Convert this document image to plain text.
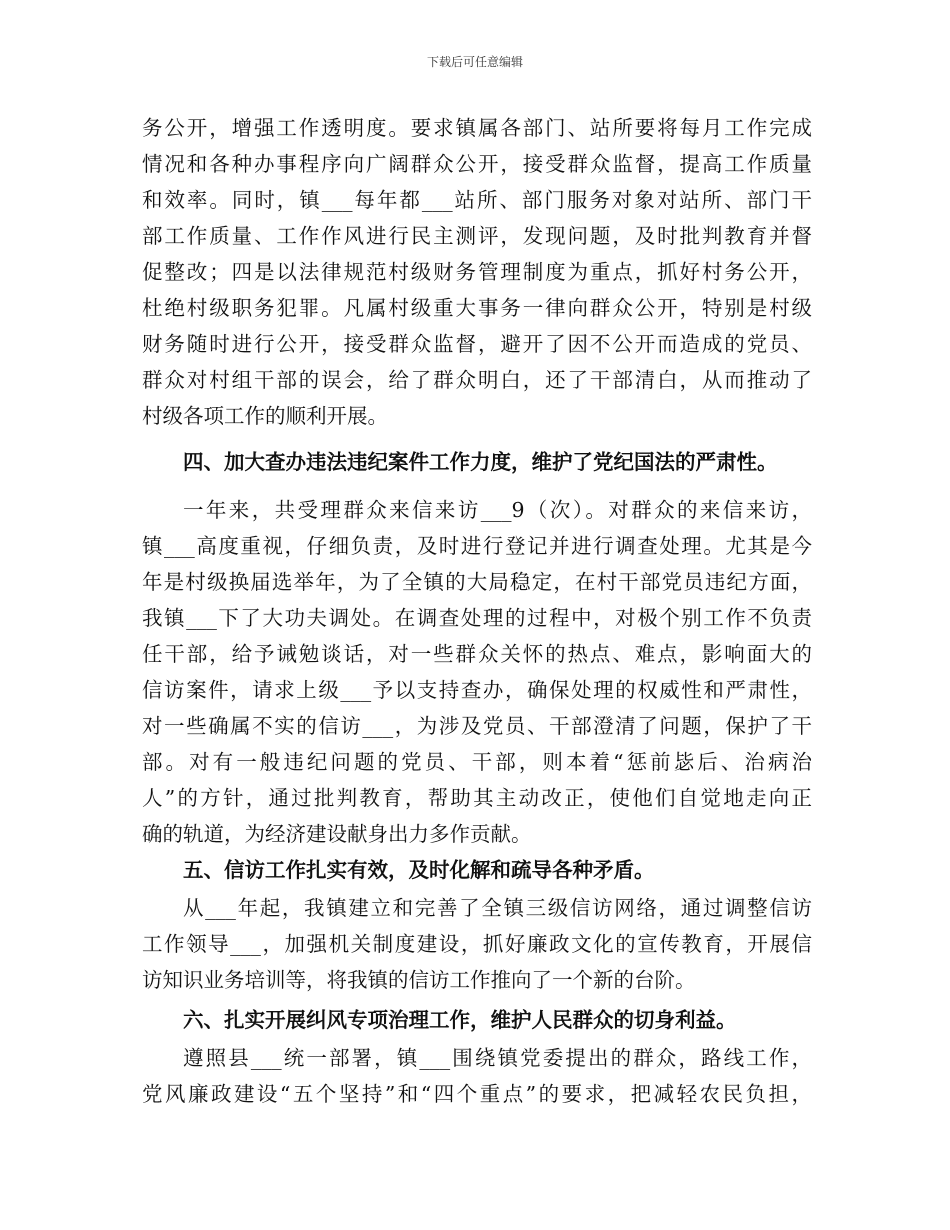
下载后可任意编辑
务公开，增强工作透明度。要求镇属各部门、站所要将每月工作完成
情况和各种办事程序向广阔群众公开，接受群众监督，提高工作质量
和效率。同时，镇___每年都___站所、部门服务对象对站所、部门干
部工作质量、工作作风进行民主测评，发现问题，及时批判教育并督
促整改；四是以法律规范村级财务管理制度为重点，抓好村务公开，
杜绝村级职务犯罪。凡属村级重大事务一律向群众公开，特别是村级
财务随时进行公开，接受群众监督，避开了因不公开而造成的党员、
群众对村组干部的误会，给了群众明白，还了干部清白，从而推动了
村级各项工作的顺利开展。
四、加大查办违法违纪案件工作力度，维护了党纪国法的严肃性。
一年来，共受理群众来信来访___9（次）。对群众的来信来访，
镇___高度重视，仔细负责，及时进行登记并进行调查处理。尤其是今
年是村级换届选举年，为了全镇的大局稳定，在村干部党员违纪方面，
我镇___下了大功夫调处。在调查处理的过程中，对极个别工作不负责
任干部，给予诫勉谈话，对一些群众关怀的热点、难点，影响面大的
信访案件，请求上级___予以支持查办，确保处理的权威性和严肃性，
对一些确属不实的信访___，为涉及党员、干部澄清了问题，保护了干
部。对有一般违纪问题的党员、干部，则本着“惩前毖后、治病治
人”的方针，通过批判教育，帮助其主动改正，使他们自觉地走向正
确的轨道，为经济建设献身出力多作贡献。
五、信访工作扎实有效，及时化解和疏导各种矛盾。
从___年起，我镇建立和完善了全镇三级信访网络，通过调整信访
工作领导___，加强机关制度建设，抓好廉政文化的宣传教育，开展信
访知识业务培训等，将我镇的信访工作推向了一个新的台阶。
六、扎实开展纠风专项治理工作，维护人民群众的切身利益。
遵照县___统一部署，镇___围绕镇党委提出的群众，路线工作，
党风廉政建设“五个坚持”和“四个重点”的要求，把减轻农民负担，
